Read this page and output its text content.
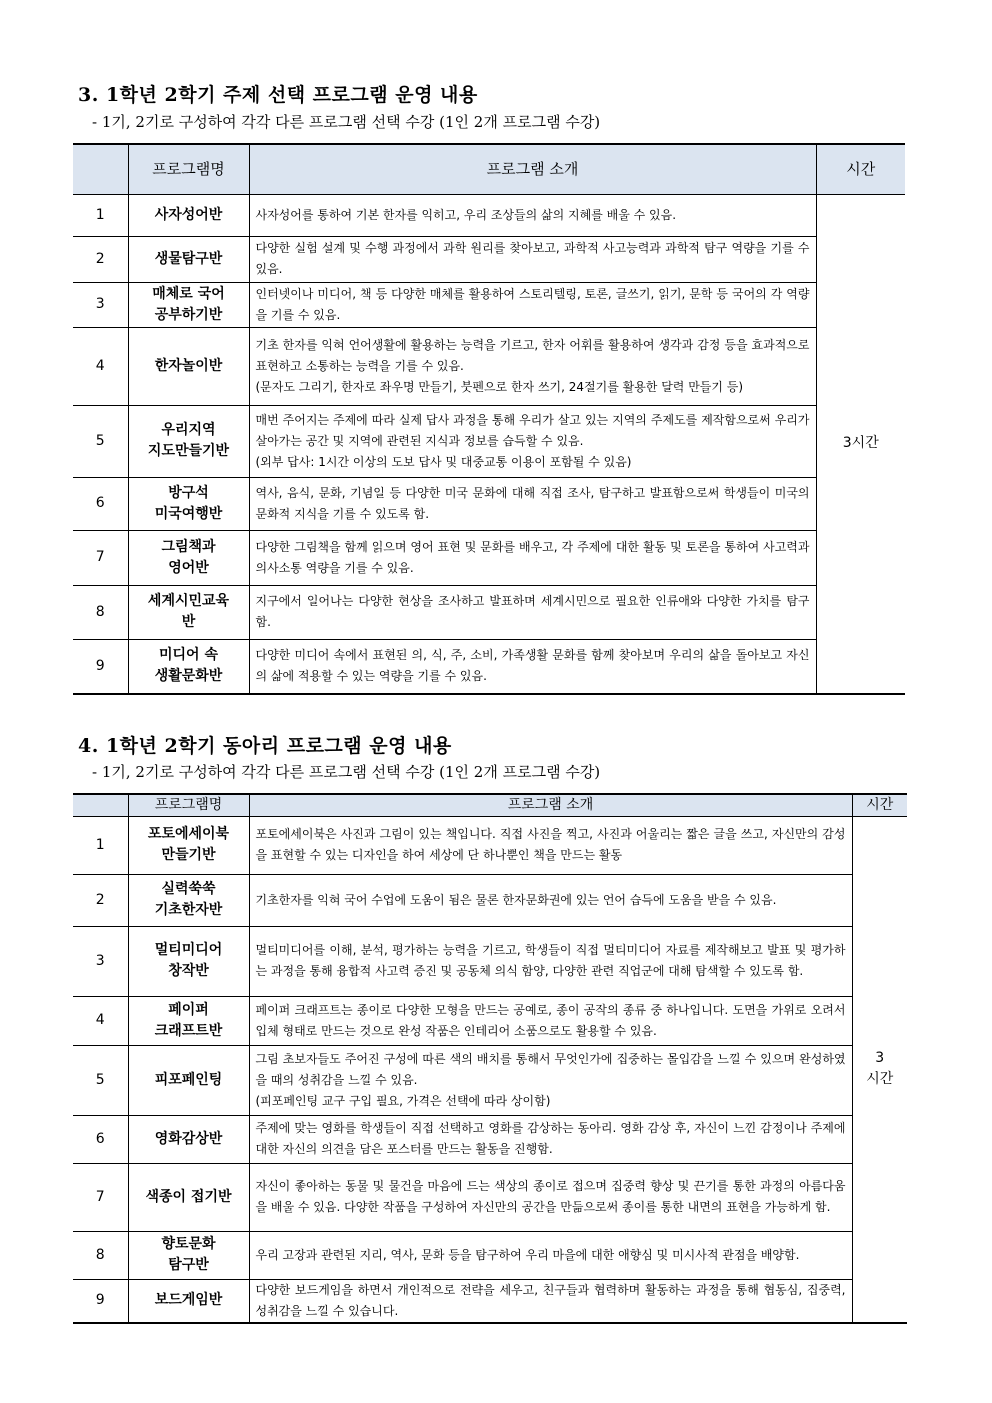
3. 1학년 2학기 주제 선택 프로그램 운영 내용
- 1기, 2기로 구성하여 각각 다른 프로그램 선택 수강 (1인 2개 프로그램 수강)
	프로그램명	프로그램 소개	시간
1	사자성어반	사자성어를 통하여 기본 한자를 익히고, 우리 조상들의 삶의 지혜를 배울 수 있음.	3시간
2	생물탐구반	다양한 실험 설계 및 수행 과정에서 과학 원리를 찾아보고, 과학적 사고능력과 과학적 탐구 역량을 기를 수 있음.	
3	매체로 국어
공부하기반	인터넷이나 미디어, 책 등 다양한 매체를 활용하여 스토리텔링, 토론, 글쓰기, 읽기, 문학 등 국어의 각 역량을 기를 수 있음.	
4	한자놀이반	기초 한자를 익혀 언어생활에 활용하는 능력을 기르고, 한자 어휘를 활용하여 생각과 감정 등을 효과적으로 표현하고 소통하는 능력을 기를 수 있음.
(문자도 그리기, 한자로 좌우명 만들기, 붓펜으로 한자 쓰기, 24절기를 활용한 달력 만들기 등)	
5	우리지역
지도만들기반	매번 주어지는 주제에 따라 실제 답사 과정을 통해 우리가 살고 있는 지역의 주제도를 제작함으로써 우리가 살아가는 공간 및 지역에 관련된 지식과 정보를 습득할 수 있음.
(외부 답사: 1시간 이상의 도보 답사 및 대중교통 이용이 포함될 수 있음)	
6	방구석
미국여행반	역사, 음식, 문화, 기념일 등 다양한 미국 문화에 대해 직접 조사, 탐구하고 발표함으로써 학생들이 미국의 문화적 지식을 기를 수 있도록 함.	
7	그림책과
영어반	다양한 그림책을 함께 읽으며 영어 표현 및 문화를 배우고, 각 주제에 대한 활동 및 토론을 통하여 사고력과 의사소통 역량을 기를 수 있음.	
8	세계시민교육
반	지구에서 일어나는 다양한 현상을 조사하고 발표하며 세계시민으로 필요한 인류애와 다양한 가치를 탐구함.	
9	미디어 속
생활문화반	다양한 미디어 속에서 표현된 의, 식, 주, 소비, 가족생활 문화를 함께 찾아보며 우리의 삶을 돌아보고 자신의 삶에 적용할 수 있는 역량을 기를 수 있음.	
4. 1학년 2학기 동아리 프로그램 운영 내용
- 1기, 2기로 구성하여 각각 다른 프로그램 선택 수강 (1인 2개 프로그램 수강)
	프로그램명	프로그램 소개	시간
1	포토에세이북
만들기반	포토에세이북은 사진과 그림이 있는 책입니다. 직접 사진을 찍고, 사진과 어울리는 짧은 글을 쓰고, 자신만의 감성을 표현할 수 있는 디자인을 하여 세상에 단 하나뿐인 책을 만드는 활동	3
시간
2	실력쑥쑥
기초한자반	기초한자를 익혀 국어 수업에 도움이 됨은 물론 한자문화권에 있는 언어 습득에 도움을 받을 수 있음.	
3	멀티미디어
창작반	멀티미디어를 이해, 분석, 평가하는 능력을 기르고, 학생들이 직접 멀티미디어 자료를 제작해보고 발표 및 평가하는 과정을 통해 융합적 사고력 증진 및 공동체 의식 함양, 다양한 관련 직업군에 대해 탐색할 수 있도록 함.	
4	페이퍼
크래프트반	페이퍼 크래프트는 종이로 다양한 모형을 만드는 공예로, 종이 공작의 종류 중 하나입니다. 도면을 가위로 오려서 입체 형태로 만드는 것으로 완성 작품은 인테리어 소품으로도 활용할 수 있음.	
5	피포페인팅	그림 초보자들도 주어진 구성에 따른 색의 배치를 통해서 무엇인가에 집중하는 몰입감을 느낄 수 있으며 완성하였을 때의 성취감을 느낄 수 있음.
(피포페인팅 교구 구입 필요, 가격은 선택에 따라 상이함)	
6	영화감상반	주제에 맞는 영화를 학생들이 직접 선택하고 영화를 감상하는 동아리. 영화 감상 후, 자신이 느낀 감정이나 주제에 대한 자신의 의견을 담은 포스터를 만드는 활동을 진행함.	
7	색종이 접기반	자신이 좋아하는 동물 및 물건을 마음에 드는 색상의 종이로 접으며 집중력 향상 및 끈기를 통한 과정의 아름다움을 배울 수 있음. 다양한 작품을 구성하여 자신만의 공간을 만듦으로써 종이를 통한 내면의 표현을 가능하게 함.	
8	향토문화
탐구반	우리 고장과 관련된 지리, 역사, 문화 등을 탐구하여 우리 마을에 대한 애향심 및 미시사적 관점을 배양함.	
9	보드게임반	다양한 보드게임을 하면서 개인적으로 전략을 세우고, 친구들과 협력하며 활동하는 과정을 통해 협동심, 집중력, 성취감을 느낄 수 있습니다.	
